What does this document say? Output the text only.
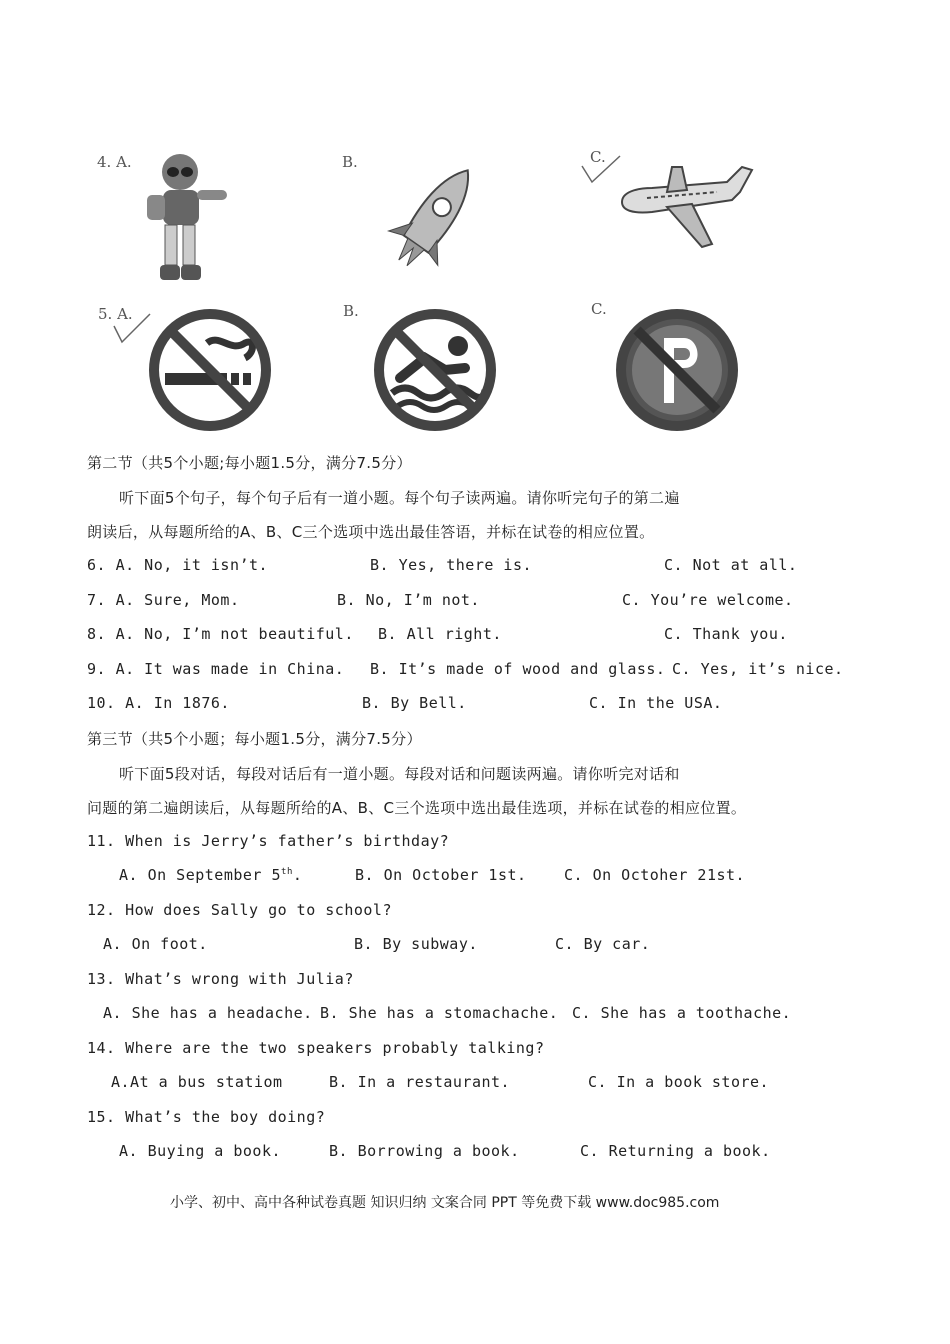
4. A.	B.	C.
5. A.	B.	C.
第二节（共5个小题;每小题1.5分，满分7.5分）
听下面5个句子，每个句子后有一道小题。每个句子读两遍。请你听完句子的第二遍
朗读后，从每题所给的A、B、C三个选项中选出最佳答语，并标在试卷的相应位置。
6. A. No, it isn’t.	B. Yes, there is.	C. Not at all.
7. A. Sure, Mom.	B. No, I’m not.	C. You’re welcome.
8. A. No, I’m not beautiful. B. All right.	C. Thank you.
9. A. It was made in China. B. It’s made of wood and glass. C. Yes, it’s nice.
10. A. In 1876.	B. By Bell.	C. In the USA.
第三节（共5个小题；每小题1.5分，满分7.5分）
听下面5段对话，每段对话后有一道小题。每段对话和问题读两遍。请你听完对话和
问题的第二遍朗读后，从每题所给的A、B、C三个选项中选出最佳选项，并标在试卷的相应位置。
11. When is Jerry’s father’s birthday?
A. On September 5th.	B. On October 1st. C. On Octoher 21st.
12. How does Sally go to school?
A. On foot.	B. By subway.	C. By car.
13. What’s wrong with Julia?
A. She has a headache. B. She has a stomachache. C. She has a toothache.
14. Where are the two speakers probably talking?
A.At a bus statiom	B. In a restaurant.	C. In a book store.
15. What’s the boy doing?
A. Buying a book.	B. Borrowing a book.	C. Returning a book.
小学、初中、高中各种试卷真题 知识归纳 文案合同 PPT 等免费下载 www.doc985.com
